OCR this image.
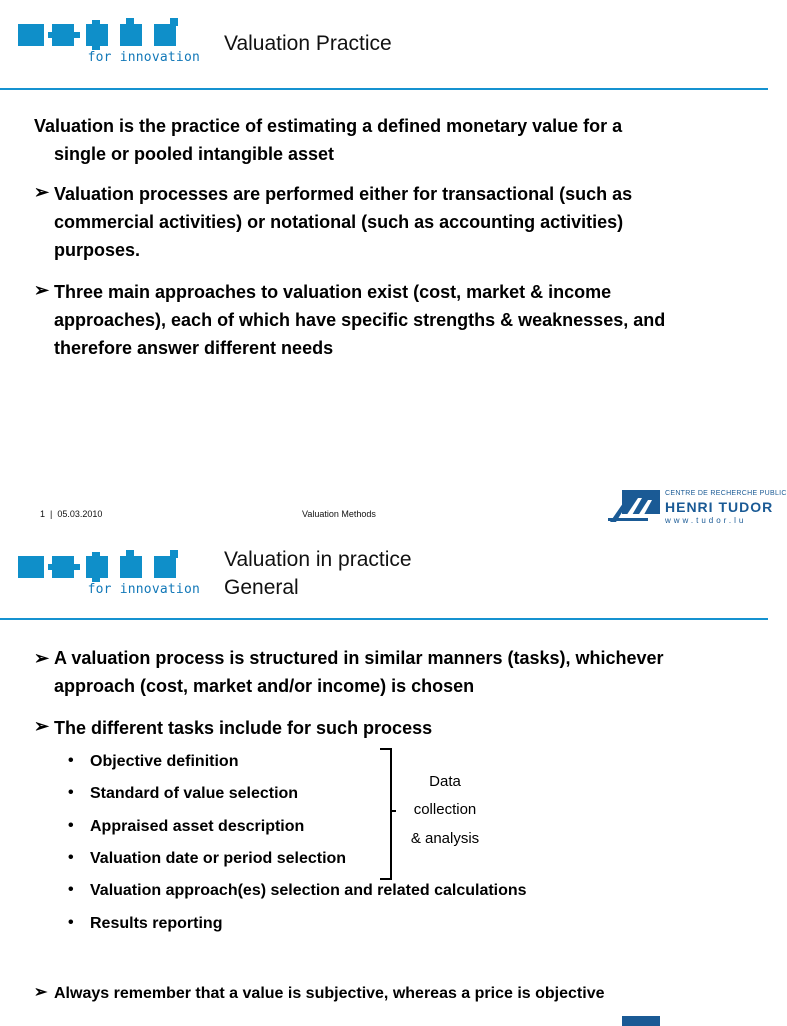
for innovation
Valuation Practice
Valuation is the practice of estimating a defined monetary value for a
single or pooled intangible asset
➢ Valuation processes are performed either for transactional (such as
commercial activities) or notational (such as accounting activities)
purposes.
➢ Three main approaches to valuation exist (cost, market & income
approaches), each of which have specific strengths & weaknesses, and
therefore answer different needs
1 | 05.03.2010	Valuation Methods
CENTRE DE RECHERCHE PUBLIC
HENRI TUDOR
www.tudor.lu
for innovation
Valuation in practice
General
➢ A valuation process is structured in similar manners (tasks), whichever
approach (cost, market and/or income) is chosen
➢ The different tasks include for such process
• Objective definition
• Standard of value selection
• Appraised asset description
• Valuation date or period selection
• Valuation approach(es) selection and related calculations
• Results reporting
Data
collection
& analysis
➢ Always remember that a value is subjective, whereas a price is objective
